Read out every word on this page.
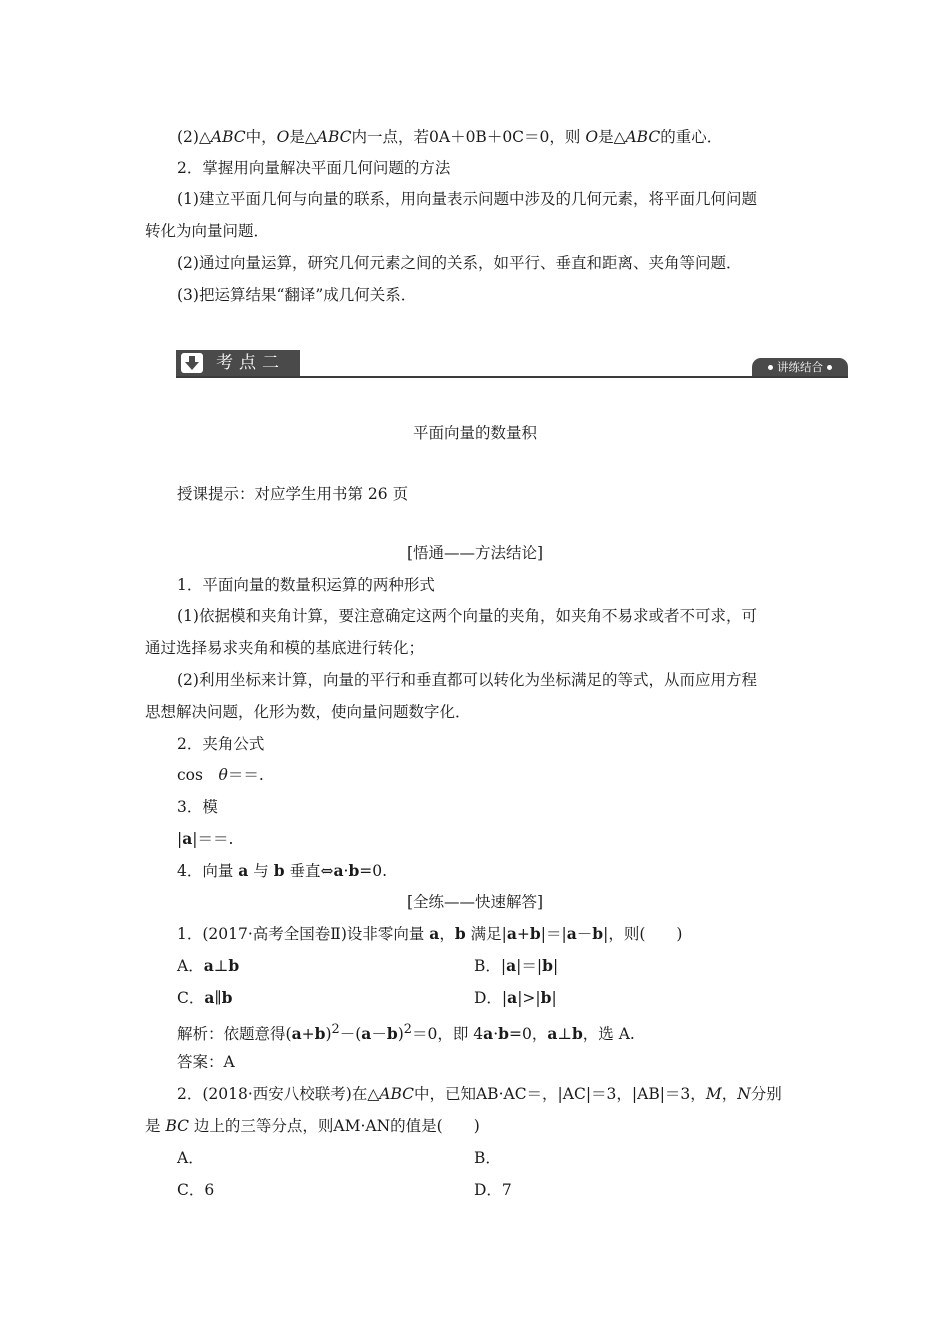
(2)△ABC中，O是△ABC内一点，若0A＋0B＋0C＝0，则 O是△ABC的重心．
2．掌握用向量解决平面几何问题的方法
(1)建立平面几何与向量的联系，用向量表示问题中涉及的几何元素，将平面几何问题
转化为向量问题．
(2)通过向量运算，研究几何元素之间的关系，如平行、垂直和距离、夹角等问题．
(3)把运算结果“翻译”成几何关系．
考点二	讲练结合
平面向量的数量积
授课提示：对应学生用书第 26 页
[悟通——方法结论]
1．平面向量的数量积运算的两种形式
(1)依据模和夹角计算，要注意确定这两个向量的夹角，如夹角不易求或者不可求，可
通过选择易求夹角和模的基底进行转化；
(2)利用坐标来计算，向量的平行和垂直都可以转化为坐标满足的等式，从而应用方程
思想解决问题，化形为数，使向量问题数字化．
2．夹角公式
cos　θ＝＝.
3．模
|a|＝＝.
4．向量 a 与 b 垂直⇔a·b=0.
[全练——快速解答]
1．(2017·高考全国卷Ⅱ)设非零向量 a，b 满足|a+b|＝|a－b|，则(　　)
A．a⊥b	B．|a|＝|b|
C．a∥b	D．|a|>|b|
解析：依题意得$(a+b)^2-(a-b)^2=0$，即 4a·b=0，a⊥b，选 A.
答案：A
2．(2018·西安八校联考)在△ABC中，已知AB·AC＝，|AC|＝3，|AB|＝3，M，N分别
是 BC 边上的三等分点，则AM·AN的值是(　　)
A．	B．
C．6	D．7
